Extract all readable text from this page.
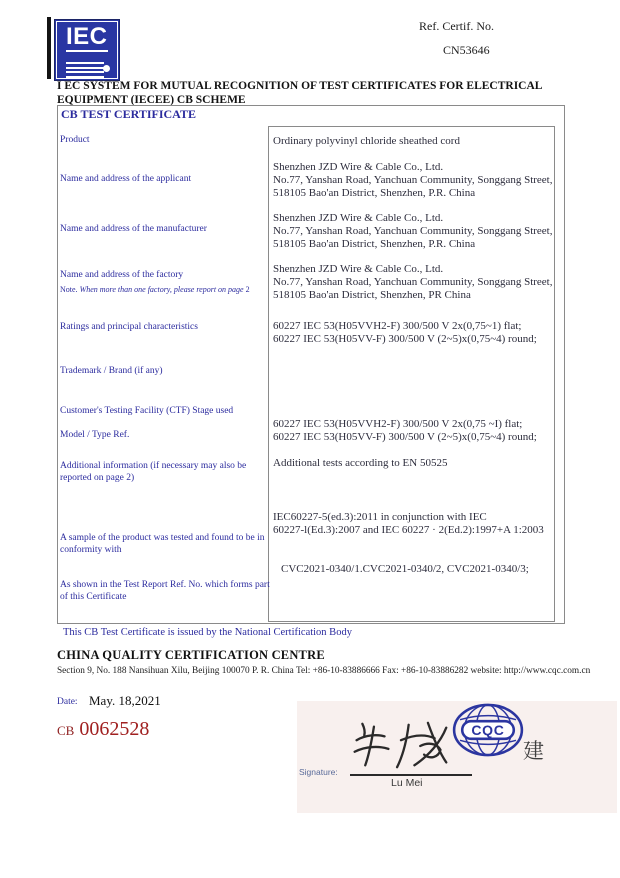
IEC	Ref. Certif. No.
CN53646
I EC SYSTEM FOR MUTUAL RECOGNITION OF TEST CERTIFICATES FOR ELECTRICAL EQUIPMENT (IECEE) CB SCHEME
CB TEST CERTIFICATE
Product
Name and address of the applicant
Name and address of the manufacturer
Name and address of the factory
Note. When more than one factory, please report on page 2
Ratings and principal characteristics
Trademark / Brand (if any)
Customer's Testing Facility (CTF) Stage used
Model / Type Ref.
Additional information (if necessary may also be reported on page 2)
A sample of the product was tested and found to be in conformity with
As shown in the Test Report Ref. No. which forms part of this Certificate
Ordinary polyvinyl chloride sheathed cord
Shenzhen JZD Wire & Cable Co., Ltd.
No.77, Yanshan Road, Yanchuan Community, Songgang Street,
518105 Bao'an District, Shenzhen, P.R. China
Shenzhen JZD Wire & Cable Co., Ltd.
No.77, Yanshan Road, Yanchuan Community, Songgang Street,
518105 Bao'an District, Shenzhen, P.R. China
Shenzhen JZD Wire & Cable Co., Ltd.
No.77, Yanshan Road, Yanchuan Community, Songgang Street,
518105 Bao'an District, Shenzhen, PR China
60227 IEC 53(H05VVH2-F) 300/500 V 2x(0,75~1) flat;
60227 IEC 53(H05VV-F) 300/500 V (2~5)x(0,75~4) round;
60227 IEC 53(H05VVH2-F) 300/500 V 2x(0,75 ~I) flat;
60227 IEC 53(H05VV-F) 300/500 V (2~5)x(0,75~4) round;
Additional tests according to EN 50525
IEC60227-5(ed.3):2011 in conjunction with IEC
60227-l(Ed.3):2007 and IEC 60227 · 2(Ed.2):1997+A 1:2003
CVC2021-0340/1.CVC2021-0340/2, CVC2021-0340/3;
This CB Test Certificate is issued by the National Certification Body
CHINA QUALITY CERTIFICATION CENTRE
Section 9, No. 188 Nansihuan Xilu, Beijing 100070 P. R. China Tel: +86-10-83886666 Fax: +86-10-83886282 website: http://www.cqc.com.cn
Date: May. 18,2021
CB 0062528	CQC
建
Signature:
Lu Mei
